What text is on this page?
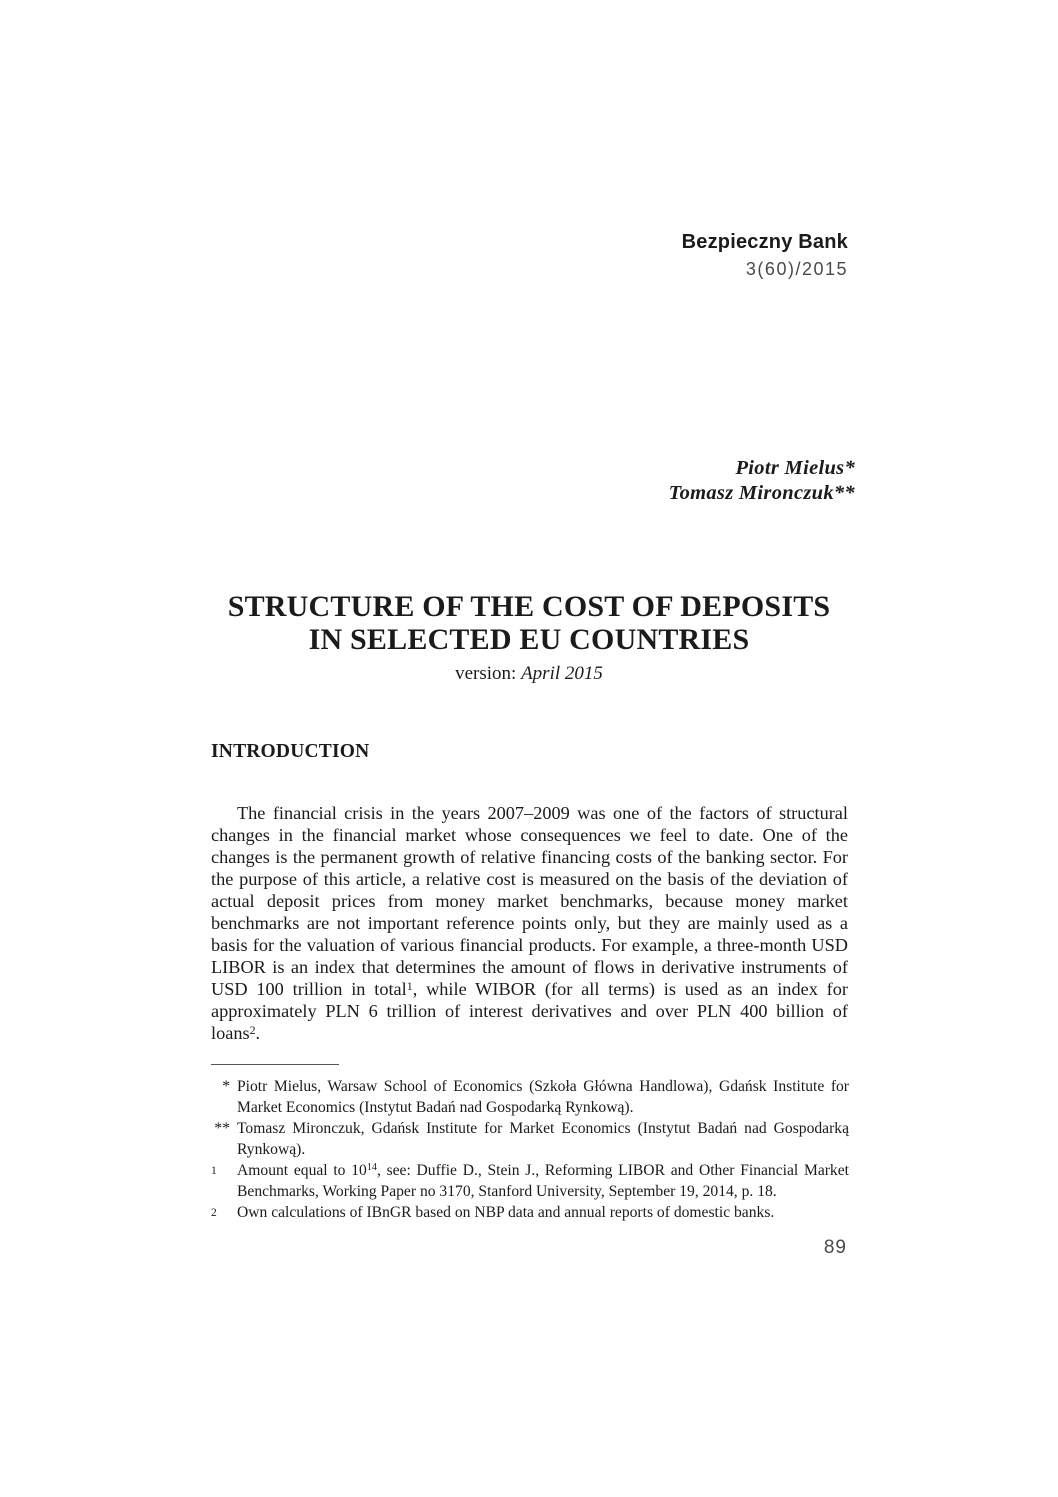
Bezpieczny Bank
3(60)/2015
Piotr Mielus*
Tomasz Mironczuk**
STRUCTURE OF THE COST OF DEPOSITS
IN SELECTED EU COUNTRIES
version: April 2015
INTRODUCTION

The financial crisis in the years 2007–2009 was one of the factors of structural changes in the financial market whose consequences we feel to date. One of the changes is the permanent growth of relative financing costs of the banking sector. For the purpose of this article, a relative cost is measured on the basis of the deviation of actual deposit prices from money market benchmarks, because money market benchmarks are not important reference points only, but they are mainly used as a basis for the valuation of various financial products. For example, a three-month USD LIBOR is an index that determines the amount of flows in derivative instruments of USD 100 trillion in total$^1$, while WIBOR (for all terms) is used as an index for approximately PLN 6 trillion of interest derivatives and over PLN 400 billion of loans$^2$.

* Piotr Mielus, Warsaw School of Economics (Szkoła Główna Handlowa), Gdańsk Institute for Market Economics (Instytut Badań nad Gospodarką Rynkową).
** Tomasz Mironczuk, Gdańsk Institute for Market Economics (Instytut Badań nad Gospodarką Rynkową).
1	Amount equal to $10^{14}$, see: Duffie D., Stein J., Reforming LIBOR and Other Financial Market Benchmarks, Working Paper no 3170, Stanford University, September 19, 2014, p. 18.
2	Own calculations of IBnGR based on NBP data and annual reports of domestic banks.
89
